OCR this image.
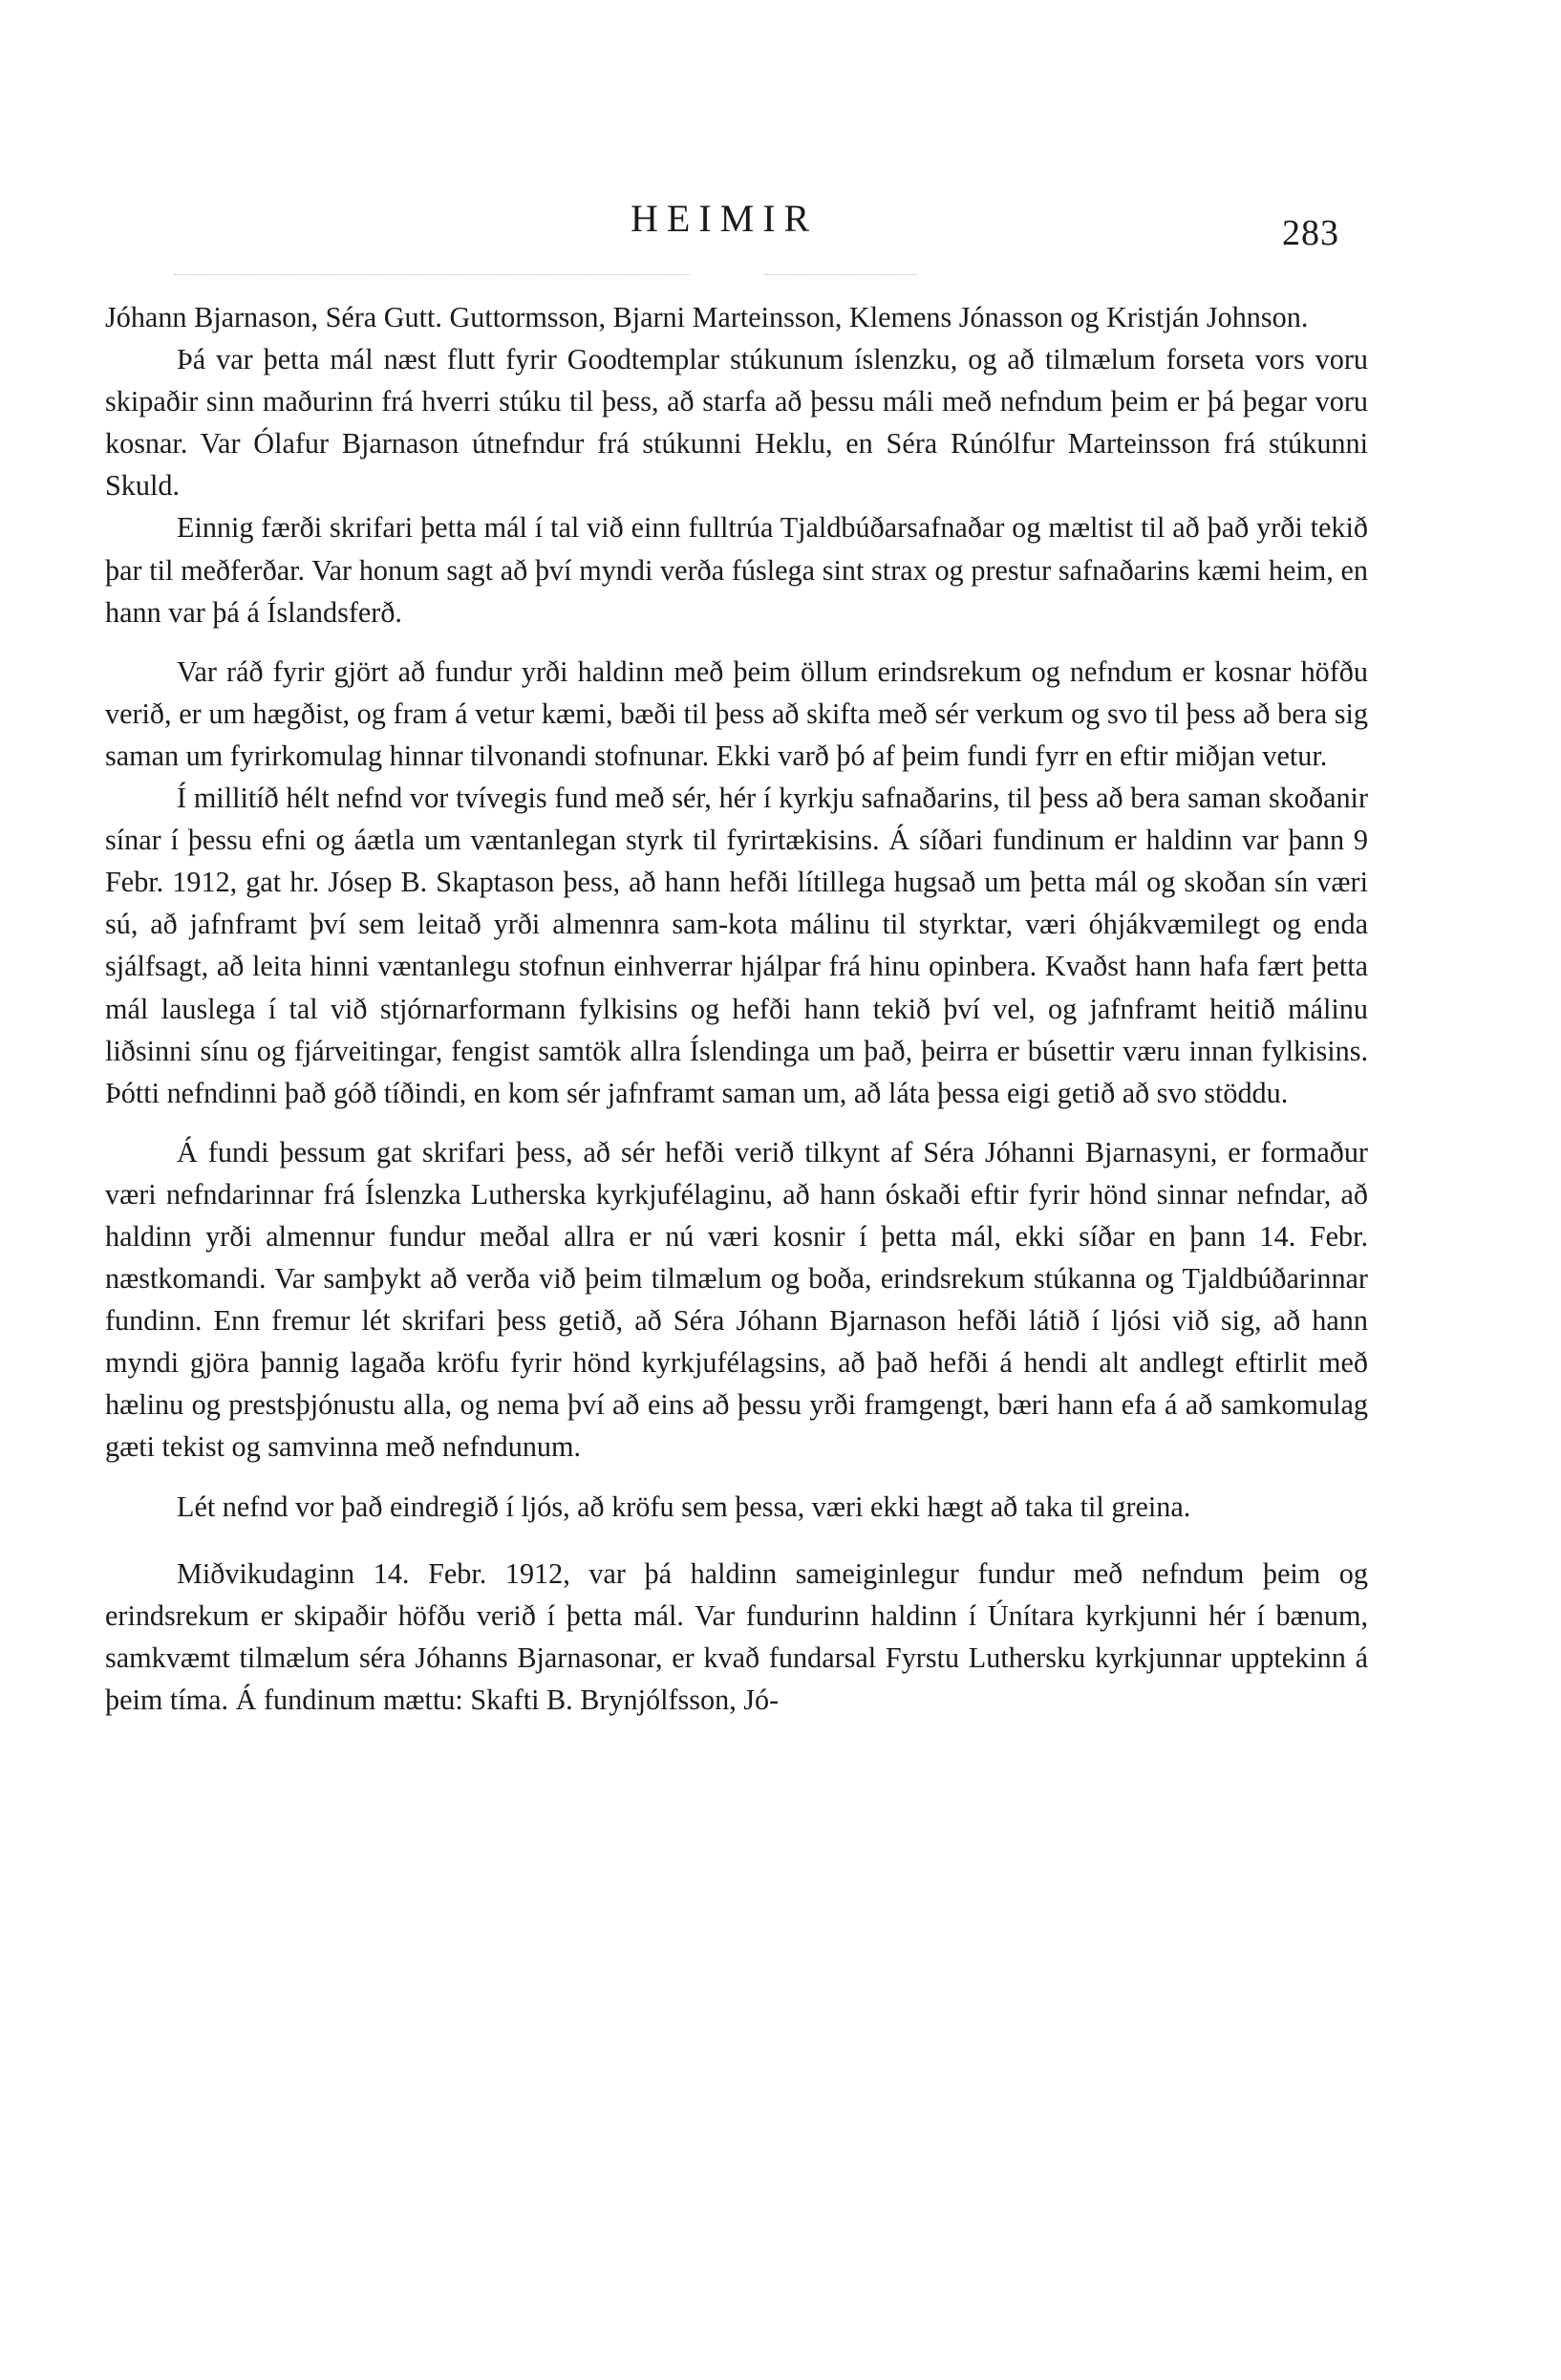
HEIMIR	283

Jóhann Bjarnason, Séra Gutt. Guttormsson, Bjarni Marteinsson, Klemens Jónasson og Kristján Johnson.

Þá var þetta mál næst flutt fyrir Goodtemplar stúkunum íslenzku, og að tilmælum forseta vors voru skipaðir sinn maðurinn frá hverri stúku til þess, að starfa að þessu máli með nefndum þeim er þá þegar voru kosnar. Var Ólafur Bjarnason útnefndur frá stúkunni Heklu, en Séra Rúnólfur Marteinsson frá stúkunni Skuld.

Einnig færði skrifari þetta mál í tal við einn fulltrúa Tjaldbúðarsafnaðar og mæltist til að það yrði tekið þar til meðferðar. Var honum sagt að því myndi verða fúslega sint strax og prestur safnaðarins kæmi heim, en hann var þá á Íslandsferð.

Var ráð fyrir gjört að fundur yrði haldinn með þeim öllum erindsrekum og nefndum er kosnar höfðu verið, er um hægðist, og fram á vetur kæmi, bæði til þess að skifta með sér verkum og svo til þess að bera sig saman um fyrirkomulag hinnar tilvonandi stofnunar. Ekki varð þó af þeim fundi fyrr en eftir miðjan vetur.

Í millitíð hélt nefnd vor tvívegis fund með sér, hér í kyrkju safnaðarins, til þess að bera saman skoðanir sínar í þessu efni og áætla um væntanlegan styrk til fyrirtækisins. Á síðari fundinum er haldinn var þann 9 Febr. 1912, gat hr. Jósep B. Skaptason þess, að hann hefði lítillega hugsað um þetta mál og skoðan sín væri sú, að jafnframt því sem leitað yrði almennra sam-kota málinu til styrktar, væri óhjákvæmilegt og enda sjálfsagt, að leita hinni væntanlegu stofnun einhverrar hjálpar frá hinu opinbera. Kvaðst hann hafa fært þetta mál lauslega í tal við stjórnarformann fylkisins og hefði hann tekið því vel, og jafnframt heitið málinu liðsinni sínu og fjárveitingar, fengist samtök allra Íslendinga um það, þeirra er búsettir væru innan fylkisins. Þótti nefndinni það góð tíðindi, en kom sér jafnframt saman um, að láta þessa eigi getið að svo stöddu.

Á fundi þessum gat skrifari þess, að sér hefði verið tilkynt af Séra Jóhanni Bjarnasyni, er formaður væri nefndarinnar frá Íslenzka Lutherska kyrkjufélaginu, að hann óskaði eftir fyrir hönd sinnar nefndar, að haldinn yrði almennur fundur meðal allra er nú væri kosnir í þetta mál, ekki síðar en þann 14. Febr. næstkomandi. Var samþykt að verða við þeim tilmælum og boða, erindsrekum stúkanna og Tjaldbúðarinnar fundinn. Enn fremur lét skrifari þess getið, að Séra Jóhann Bjarnason hefði látið í ljósi við sig, að hann myndi gjöra þannig lagaða kröfu fyrir hönd kyrkjufélagsins, að það hefði á hendi alt andlegt eftirlit með hælinu og prestsþjónustu alla, og nema því að eins að þessu yrði framgengt, bæri hann efa á að samkomulag gæti tekist og samvinna með nefndunum.

Lét nefnd vor það eindregið í ljós, að kröfu sem þessa, væri ekki hægt að taka til greina.

Miðvikudaginn 14. Febr. 1912, var þá haldinn sameiginlegur fundur með nefndum þeim og erindsrekum er skipaðir höfðu verið í þetta mál. Var fundurinn haldinn í Únítara kyrkjunni hér í bænum, samkvæmt tilmælum séra Jóhanns Bjarnasonar, er kvað fundarsal Fyrstu Luthersku kyrkjunnar upptekinn á þeim tíma. Á fundinum mættu: Skafti B. Brynjólfsson, Jó-
